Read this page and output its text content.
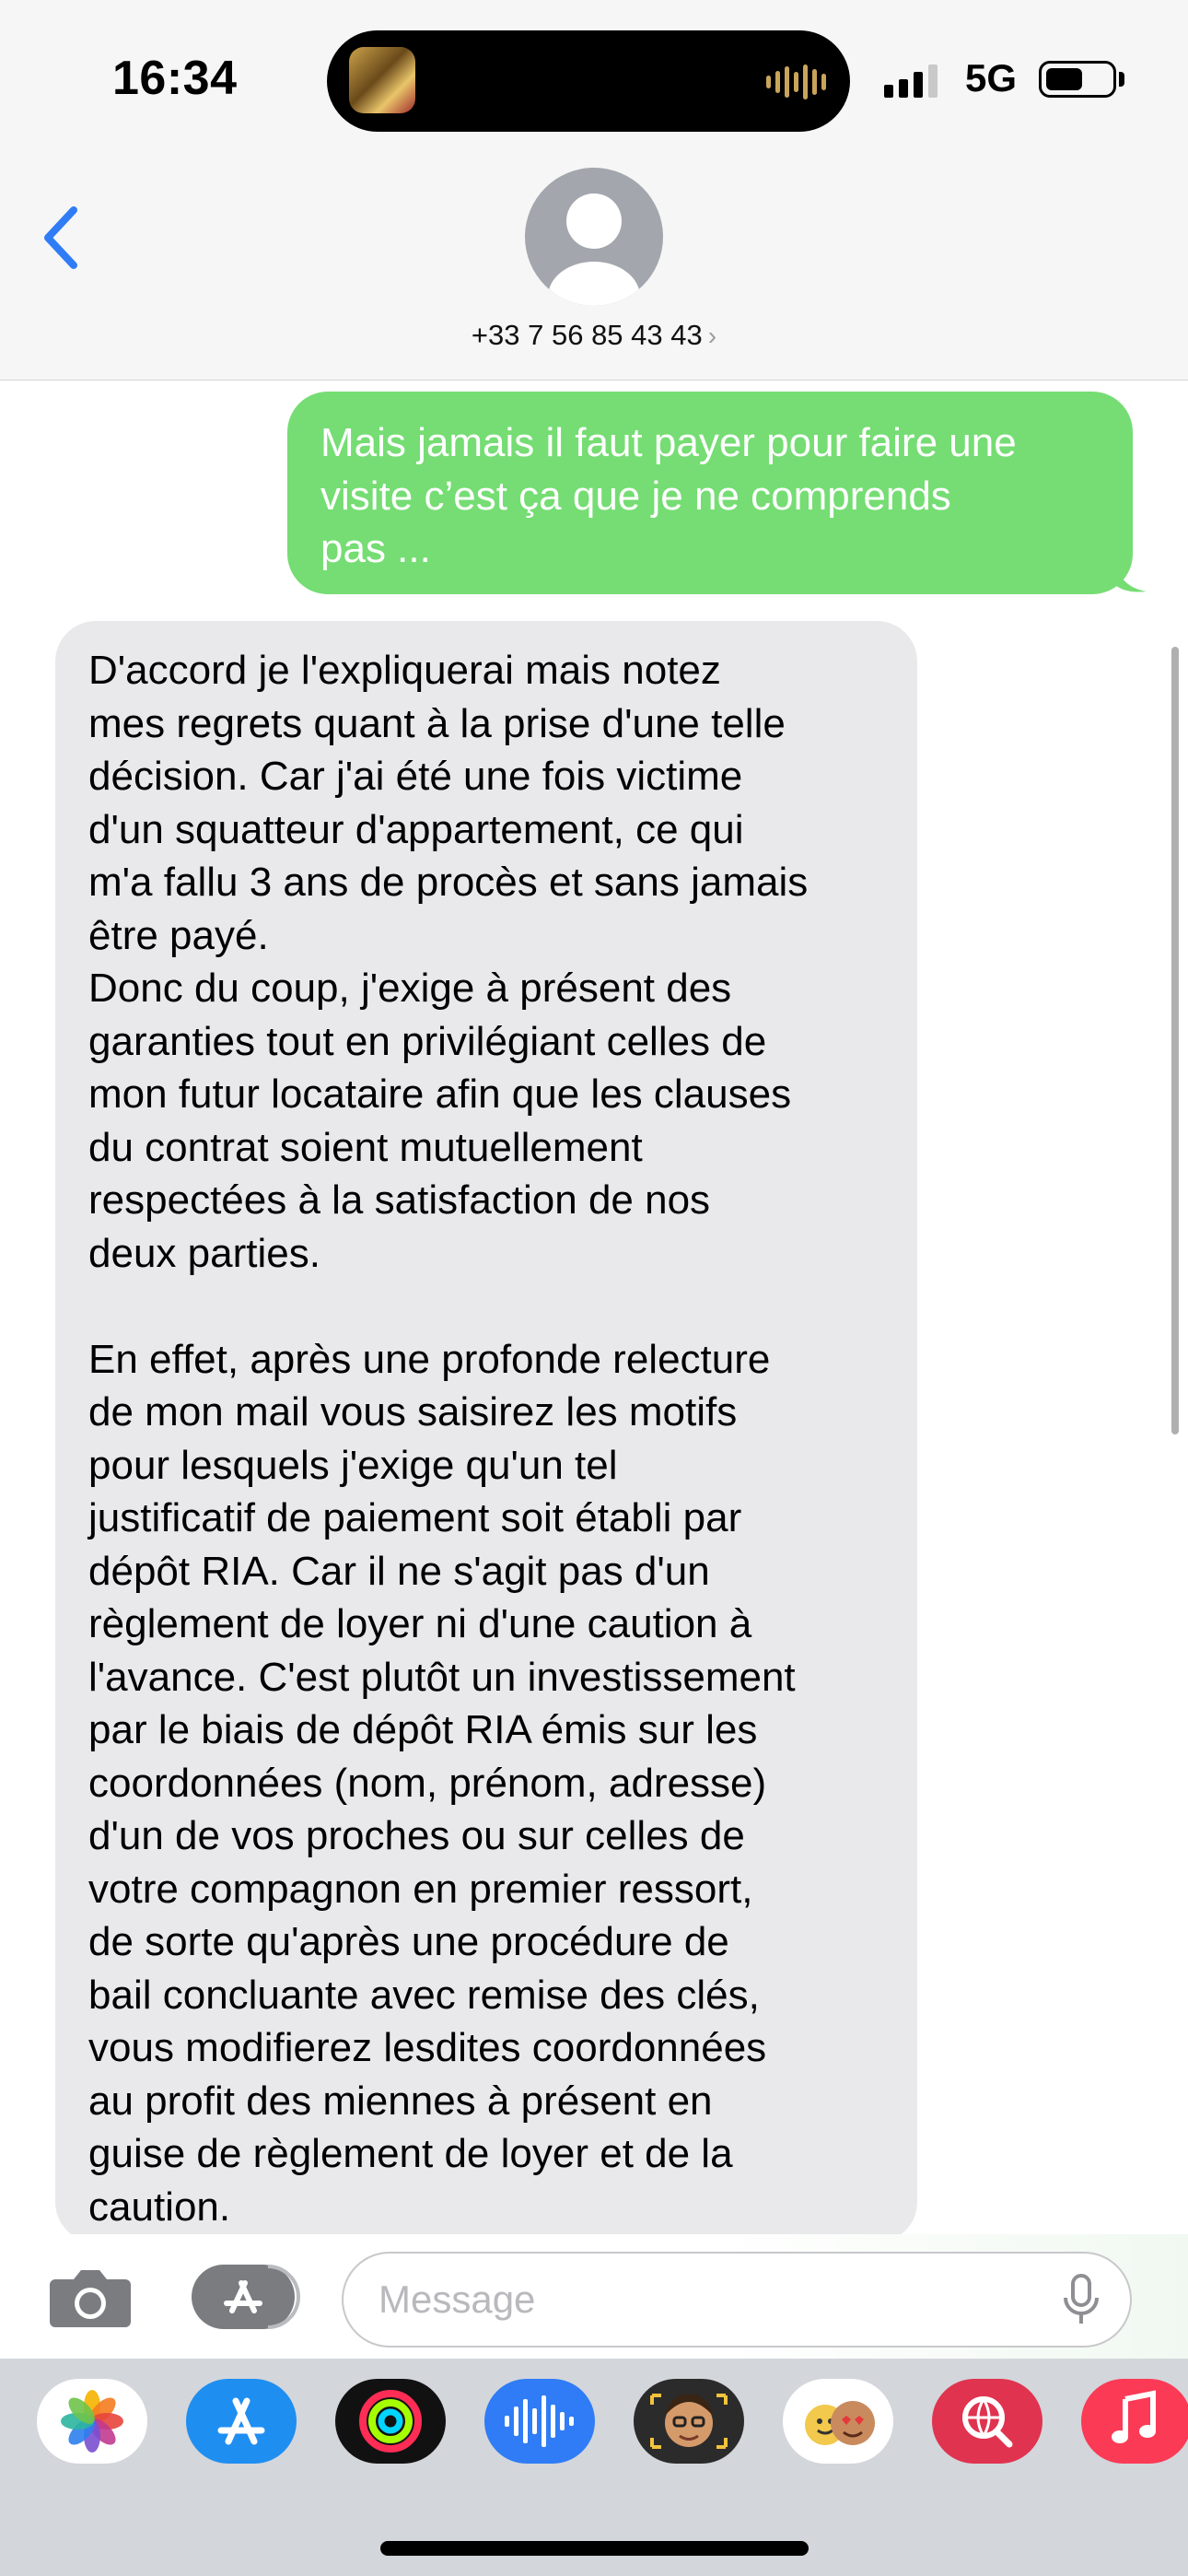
16:34	5G
+33 7 56 85 43 43 ›
Mais jamais il faut payer pour faire une
visite c’est ça que je ne comprends
pas ...
D'accord je l'expliquerai mais notez
mes regrets quant à la prise d'une telle
décision. Car j'ai été une fois victime
d'un squatteur d'appartement, ce qui
m'a fallu 3 ans de procès et sans jamais
être payé.
Donc du coup, j'exige à présent des
garanties tout en privilégiant celles de
mon futur locataire afin que les clauses
du contrat soient mutuellement
respectées à la satisfaction de nos
deux parties.

En effet, après une profonde relecture
de mon mail vous saisirez les motifs
pour lesquels j'exige qu'un tel
justificatif de paiement soit établi par
dépôt RIA. Car il ne s'agit pas d'un
règlement de loyer ni d'une caution à
l'avance. C'est plutôt un investissement
par le biais de dépôt RIA émis sur les
coordonnées (nom, prénom, adresse)
d'un de vos proches ou sur celles de
votre compagnon en premier ressort,
de sorte qu'après une procédure de
bail concluante avec remise des clés,
vous modifierez lesdites coordonnées
au profit des miennes à présent en
guise de règlement de loyer et de la
caution.
Message
